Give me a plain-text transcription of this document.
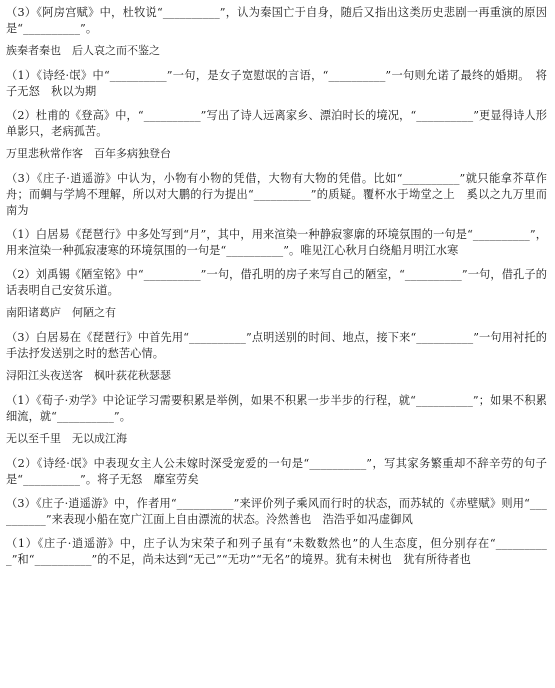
（3）《阿房宫赋》中，杜牧说“__________”，认为秦国亡于自身，随后又指出这类历史悲剧一再重演的原因是“__________”。

族秦者秦也　后人哀之而不鉴之

（1）《诗经·氓》中“__________”一句，是女子宽慰氓的言语，“__________”一句则允诺了最终的婚期。　将子无怒　秋以为期

（2）杜甫的《登高》中，“__________”写出了诗人远离家乡、漂泊时长的境况，“__________”更显得诗人形单影只，老病孤苦。

万里悲秋常作客　百年多病独登台

（3）《庄子·逍遥游》中认为，小物有小物的凭借，大物有大物的凭借。比如“__________”就只能拿芥草作舟；而蜩与学鸠不理解，所以对大鹏的行为提出“__________”的质疑。覆杯水于坳堂之上　奚以之九万里而南为

（1）白居易《琵琶行》中多处写到“月”，其中，用来渲染一种静寂寥廓的环境氛围的一句是“__________”，用来渲染一种孤寂凄寒的环境氛围的一句是“__________”。唯见江心秋月白绕船月明江水寒

（2）刘禹锡《陋室铭》中“__________”一句，借孔明的房子来写自己的陋室，“__________”一句，借孔子的话表明自己安贫乐道。

南阳诸葛庐　何陋之有

（3）白居易在《琵琶行》中首先用“__________”点明送别的时间、地点，接下来“__________”一句用衬托的手法抒发送别之时的愁苦心情。

浔阳江头夜送客　枫叶荻花秋瑟瑟

（1）《荀子·劝学》中论证学习需要积累是举例，如果不积累一步半步的行程，就“__________”；如果不积累细流，就“__________”。

无以至千里　无以成江海

（2）《诗经·氓》中表现女主人公未嫁时深受宠爱的一句是“__________”，写其家务繁重却不辞辛劳的句子是“__________”。将子无怒　靡室劳矣

（3）《庄子·逍遥游》中，作者用“__________”来评价列子乘风而行时的状态，而苏轼的《赤壁赋》则用“__________”来表现小船在宽广江面上自由漂流的状态。泠然善也　浩浩乎如冯虚御风

（1）《庄子·逍遥游》中，庄子认为宋荣子和列子虽有“未数数然也”的人生态度，但分别存在“__________”和“__________”的不足，尚未达到“无己”“无功”“无名”的境界。犹有未树也　犹有所待者也
